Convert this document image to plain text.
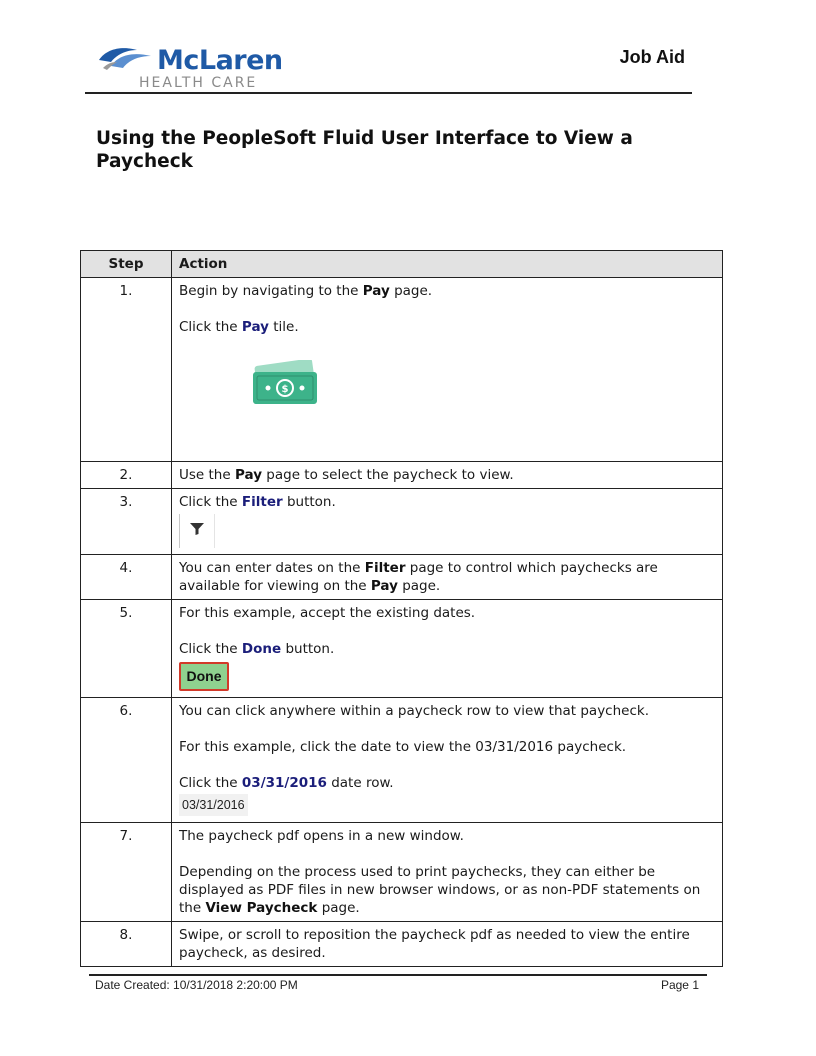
McLaren
HEALTH CARE
Job Aid
Using the PeopleSoft Fluid User Interface to View a Paycheck
Step	Action
1.	Begin by navigating to the Pay page.

Click the Pay tile.

$

2.	Use the Pay page to select the paycheck to view.

3.	Click the Filter button.

4.	You can enter dates on the Filter page to control which paychecks are available for viewing on the Pay page.

5.	For this example, accept the existing dates.

Click the Done button.

Done
6.	You can click anywhere within a paycheck row to view that paycheck.

For this example, click the date to view the 03/31/2016 paycheck.

Click the 03/31/2016 date row.

03/31/2016
7.	The paycheck pdf opens in a new window.

Depending on the process used to print paychecks, they can either be displayed as PDF files in new browser windows, or as non-PDF statements on the View Paycheck page.

8.	Swipe, or scroll to reposition the paycheck pdf as needed to view the entire paycheck, as desired.

Date Created: 10/31/2018 2:20:00 PM	Page 1
